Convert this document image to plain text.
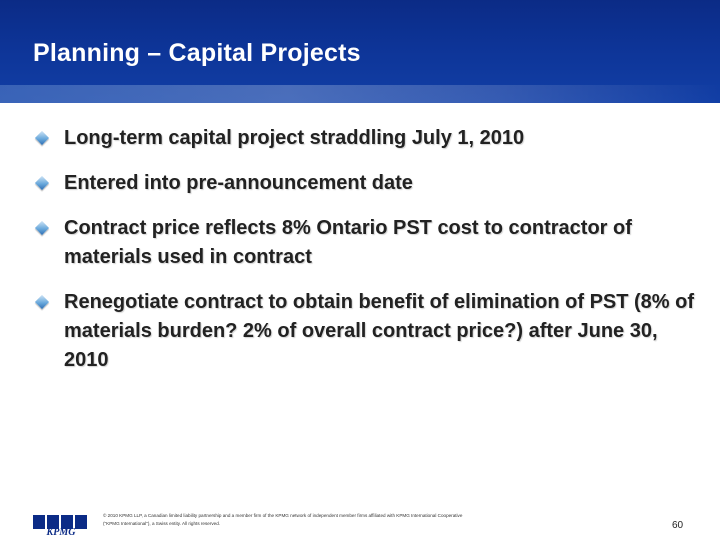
Planning – Capital Projects
Long-term capital project straddling July 1, 2010
Entered into pre-announcement date
Contract price reflects 8% Ontario PST cost to contractor of materials used in contract
Renegotiate contract to obtain benefit of elimination of PST (8% of materials burden? 2% of overall contract price?) after June 30, 2010
KPMG
© 2010 KPMG LLP, a Canadian limited liability partnership and a member firm of the KPMG network of independent member firms affiliated with KPMG International Cooperative
("KPMG International"), a Swiss entity. All rights reserved.	60
